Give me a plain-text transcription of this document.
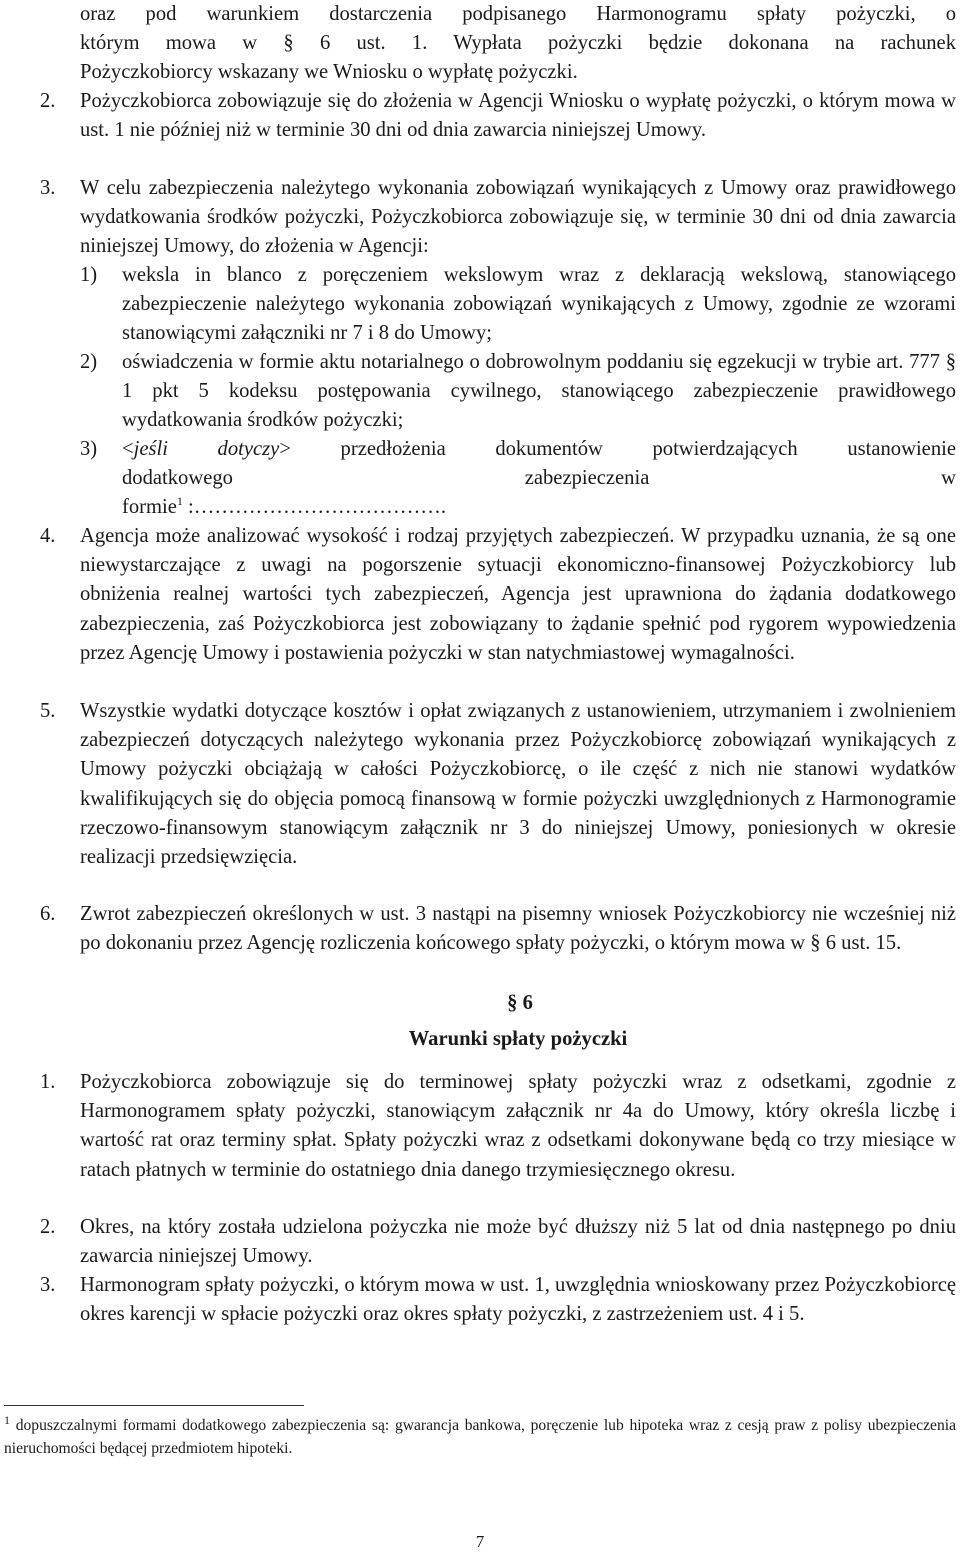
oraz pod warunkiem dostarczenia podpisanego Harmonogramu spłaty pożyczki, o

którym mowa w § 6 ust. 1. Wypłata pożyczki będzie dokonana na rachunek

Pożyczkobiorcy wskazany we Wniosku o wypłatę pożyczki.

2. Pożyczkobiorca zobowiązuje się do złożenia w Agencji Wniosku o wypłatę pożyczki, o którym mowa w ust. 1 nie później niż w terminie 30 dni od dnia zawarcia niniejszej Umowy.

3. W celu zabezpieczenia należytego wykonania zobowiązań wynikających z Umowy oraz prawidłowego wydatkowania środków pożyczki, Pożyczkobiorca zobowiązuje się, w terminie 30 dni od dnia zawarcia niniejszej Umowy, do złożenia w Agencji:

1) weksla in blanco z poręczeniem wekslowym wraz z deklaracją wekslową, stanowiącego zabezpieczenie należytego wykonania zobowiązań wynikających z Umowy, zgodnie ze wzorami stanowiącymi załączniki nr 7 i 8 do Umowy;

2) oświadczenia w formie aktu notarialnego o dobrowolnym poddaniu się egzekucji w trybie art. 777 § 1 pkt 5 kodeksu postępowania cywilnego, stanowiącego zabezpieczenie prawidłowego wydatkowania środków pożyczki;

3) <jeśli dotyczy> przedłożenia dokumentów potwierdzających ustanowienie

dodatkowego	zabezpieczenia	w

formie$^1$ :……………………………….

4. Agencja może analizować wysokość i rodzaj przyjętych zabezpieczeń. W przypadku uznania, że są one niewystarczające z uwagi na pogorszenie sytuacji ekonomiczno-finansowej Pożyczkobiorcy lub obniżenia realnej wartości tych zabezpieczeń, Agencja jest uprawniona do żądania dodatkowego zabezpieczenia, zaś Pożyczkobiorca jest zobowiązany to żądanie spełnić pod rygorem wypowiedzenia przez Agencję Umowy i postawienia pożyczki w stan natychmiastowej wymagalności.

5. Wszystkie wydatki dotyczące kosztów i opłat związanych z ustanowieniem, utrzymaniem i zwolnieniem zabezpieczeń dotyczących należytego wykonania przez Pożyczkobiorcę zobowiązań wynikających z Umowy pożyczki obciążają w całości Pożyczkobiorcę, o ile część z nich nie stanowi wydatków kwalifikujących się do objęcia pomocą finansową w formie pożyczki uwzględnionych z Harmonogramie rzeczowo-finansowym stanowiącym załącznik nr 3 do niniejszej Umowy, poniesionych w okresie realizacji przedsięwzięcia.

6. Zwrot zabezpieczeń określonych w ust. 3 nastąpi na pisemny wniosek Pożyczkobiorcy nie wcześniej niż po dokonaniu przez Agencję rozliczenia końcowego spłaty pożyczki, o którym mowa w § 6 ust. 15.

§ 6

Warunki spłaty pożyczki

1. Pożyczkobiorca zobowiązuje się do terminowej spłaty pożyczki wraz z odsetkami, zgodnie z Harmonogramem spłaty pożyczki, stanowiącym załącznik nr 4a do Umowy, który określa liczbę i wartość rat oraz terminy spłat. Spłaty pożyczki wraz z odsetkami dokonywane będą co trzy miesiące w ratach płatnych w terminie do ostatniego dnia danego trzymiesięcznego okresu.

2. Okres, na który została udzielona pożyczka nie może być dłuższy niż 5 lat od dnia następnego po dniu zawarcia niniejszej Umowy.

3. Harmonogram spłaty pożyczki, o którym mowa w ust. 1, uwzględnia wnioskowany przez Pożyczkobiorcę okres karencji w spłacie pożyczki oraz okres spłaty pożyczki, z zastrzeżeniem ust. 4 i 5.

$^1$ dopuszczalnymi formami dodatkowego zabezpieczenia są: gwarancja bankowa, poręczenie lub hipoteka wraz z cesją praw z polisy ubezpieczenia nieruchomości będącej przedmiotem hipoteki.

7
